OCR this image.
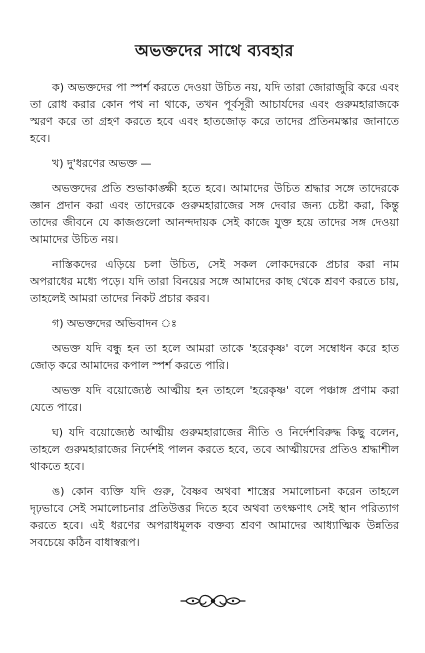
অভক্তদের সাথে ব্যবহার
ক) অভক্তদের পা স্পর্শ করতে দেওয়া উচিত নয়, যদি তারা জোরাজুরি করে এবং তা রোধ করার কোন পথ না থাকে, তখন পূর্বসূরী আচার্যদের এবং গুরুমহারাজকে স্মরণ করে তা গ্রহণ করতে হবে এবং হাতজোড় করে তাদের প্রতিনমস্কার জানাতে হবে।
খ) দু'ধরণের অভক্ত —
অভক্তদের প্রতি শুভাকাঙ্ক্ষী হতে হবে। আমাদের উচিত শ্রদ্ধার সঙ্গে তাদেরকে জ্ঞান প্রদান করা এবং তাদেরকে গুরুমহারাজের সঙ্গ দেবার জন্য চেষ্টা করা, কিন্তু তাদের জীবনে যে কাজগুলো আনন্দদায়ক সেই কাজে যুক্ত হয়ে তাদের সঙ্গ দেওয়া আমাদের উচিত নয়।
নাস্তিকদের এড়িয়ে চলা উচিত, সেই সকল লোকদেরকে প্রচার করা নাম অপরাধের মধ্যে পড়ে। যদি তারা বিনয়ের সঙ্গে আমাদের কাছ থেকে শ্রবণ করতে চায়, তাহলেই আমরা তাদের নিকট প্রচার করব।
গ) অভক্তদের অভিবাদন ঃ
অভক্ত যদি বন্ধু হন তা হলে আমরা তাকে 'হরেকৃষ্ণ' বলে সম্বোধন করে হাত জোড় করে আমাদের কপাল স্পর্শ করতে পারি।
অভক্ত যদি বয়োজ্যেষ্ঠ আত্মীয় হন তাহলে 'হরেকৃষ্ণ' বলে পঞ্চাঙ্গ প্রণাম করা যেতে পারে।
ঘ) যদি বয়োজ্যেষ্ঠ আত্মীয় গুরুমহারাজের নীতি ও নির্দেশবিরুদ্ধ কিছু বলেন, তাহলে গুরুমহারাজের নির্দেশই পালন করতে হবে, তবে আত্মীয়দের প্রতিও শ্রদ্ধাশীল থাকতে হবে।
ঙ) কোন ব্যক্তি যদি গুরু, বৈষ্ণব অথবা শাস্ত্রের সমালোচনা করেন তাহলে দৃঢ়ভাবে সেই সমালোচনার প্রতিউত্তর দিতে হবে অথবা তৎক্ষণাৎ সেই স্থান পরিত্যাগ করতে হবে। এই ধরণের অপরাধমূলক বক্তব্য শ্রবণ আমাদের আধ্যাত্মিক উন্নতির সবচেয়ে কঠিন বাধাস্বরূপ।
